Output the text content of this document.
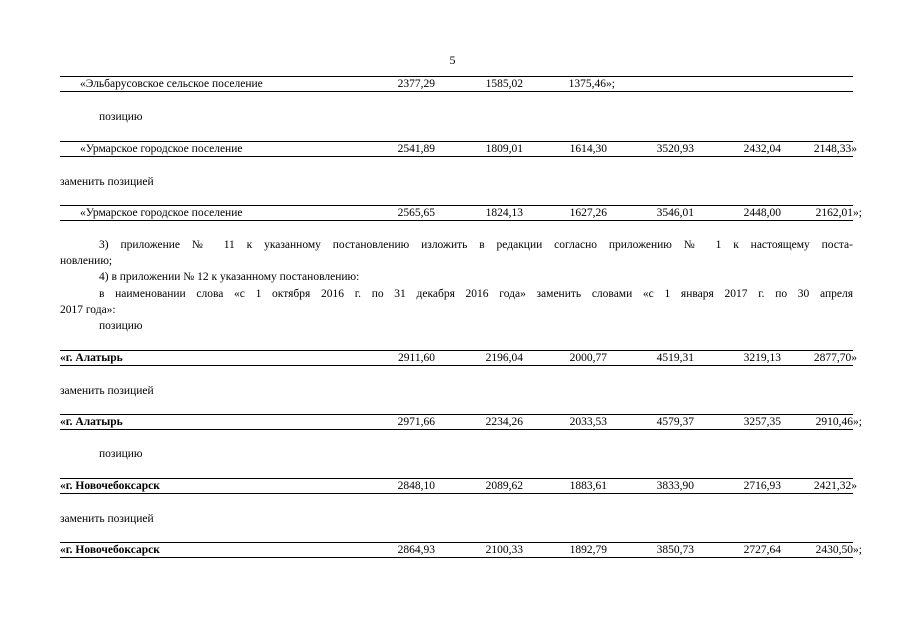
5
«Эльбарусовское сельское поселение	2377,29	1585,02	1375,46»;
позицию
«Урмарское городское поселение	2541,89	1809,01	1614,30	3520,93	2432,04	2148,33»
заменить позицией
«Урмарское городское поселение	2565,65	1824,13	1627,26	3546,01	2448,00	2162,01»;
3) приложение № 11 к указанному постановлению изложить в редакции согласно приложению № 1 к настоящему поста-
новлению;
4) в приложении № 12 к указанному постановлению:
в наименовании слова «с 1 октября 2016 г. по 31 декабря 2016 года» заменить словами «с 1 января 2017 г. по 30 апреля
2017 года»:
позицию
«г. Алатырь	2911,60	2196,04	2000,77	4519,31	3219,13	2877,70»
заменить позицией
«г. Алатырь	2971,66	2234,26	2033,53	4579,37	3257,35	2910,46»;
позицию
«г. Новочебоксарск	2848,10	2089,62	1883,61	3833,90	2716,93	2421,32»
заменить позицией
«г. Новочебоксарск	2864,93	2100,33	1892,79	3850,73	2727,64	2430,50»;
